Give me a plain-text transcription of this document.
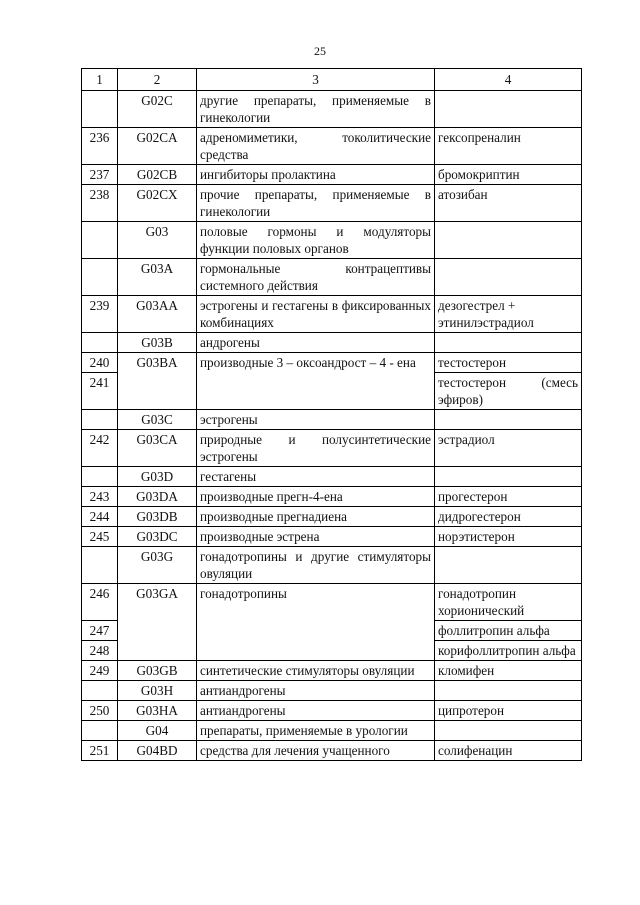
25
1	2	3	4
	G02C	другие препараты, применяемые в гинекологии	
236	G02CA	адреномиметики, токолитические средства	гексопреналин
237	G02CB	ингибиторы пролактина	бромокриптин
238	G02CX	прочие препараты, применяемые в гинекологии	атозибан
	G03	половые гормоны и модуляторы функции половых органов	
	G03A	гормональные контрацептивы системного действия	
239	G03AA	эстрогены и гестагены в фиксированных комбинациях	дезогестрел + этинилэстрадиол
	G03B	андрогены	
240	G03BA	производные 3 – оксоандрост – 4 - ена	тестостерон
241			тестостерон (смесь эфиров)
	G03C	эстрогены	
242	G03CA	природные и полусинтетические эстрогены	эстрадиол
	G03D	гестагены	
243	G03DA	производные прегн-4-ена	прогестерон
244	G03DB	производные прегнадиена	дидрогестерон
245	G03DC	производные эстрена	норэтистерон
	G03G	гонадотропины и другие стимуляторы овуляции	
246	G03GA	гонадотропины	гонадотропин хорионический
247			фоллитропин альфа
248			корифоллитропин альфа
249	G03GB	синтетические стимуляторы овуляции	кломифен
	G03H	антиандрогены	
250	G03HA	антиандрогены	ципротерон
	G04	препараты, применяемые в урологии	
251	G04BD	средства для лечения учащенного	солифенацин
